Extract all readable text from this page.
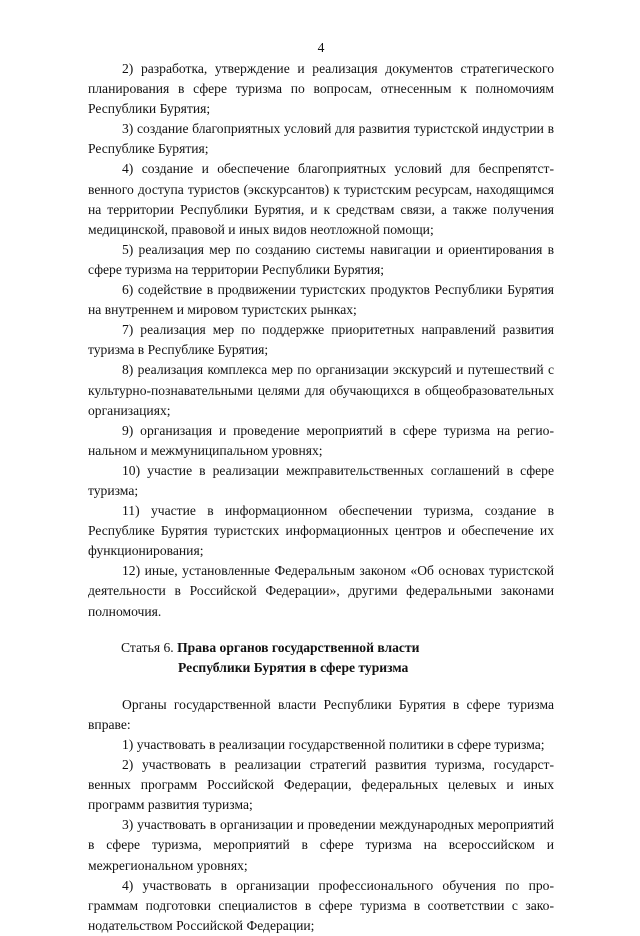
4

2) разработка, утверждение и реализация документов стратегического планирования в сфере туризма по вопросам, отнесенным к полномочиям Республики Бурятия;

3) создание благоприятных условий для развития туристской индустрии в Республике Бурятия;

4) создание и обеспечение благоприятных условий для беспрепятственного доступа туристов (экскурсантов) к туристским ресурсам, находящимся на территории Республики Бурятия, и к средствам связи, а также получения медицинской, правовой и иных видов неотложной помощи;

5) реализация мер по созданию системы навигации и ориентирования в сфере туризма на территории Республики Бурятия;

6) содействие в продвижении туристских продуктов Республики Бурятия на внутреннем и мировом туристских рынках;

7) реализация мер по поддержке приоритетных направлений развития туризма в Республике Бурятия;

8) реализация комплекса мер по организации экскурсий и путешествий с культурно-познавательными целями для обучающихся в общеобразовательных организациях;

9) организация и проведение мероприятий в сфере туризма на региональном и межмуниципальном уровнях;

10) участие в реализации межправительственных соглашений в сфере туризма;

11) участие в информационном обеспечении туризма, создание в Республике Бурятия туристских информационных центров и обеспечение их функционирования;

12) иные, установленные Федеральным законом «Об основах туристской деятельности в Российской Федерации», другими федеральными законами полномочия.

Статья 6. Права органов государственной власти

Республики Бурятия в сфере туризма

Органы государственной власти Республики Бурятия в сфере туризма вправе:

1) участвовать в реализации государственной политики в сфере туризма;

2) участвовать в реализации стратегий развития туризма, государственных программ Российской Федерации, федеральных целевых и иных программ развития туризма;

3) участвовать в организации и проведении международных мероприятий в сфере туризма, мероприятий в сфере туризма на всероссийском и межрегиональном уровнях;

4) участвовать в организации профессионального обучения по программам подготовки специалистов в сфере туризма в соответствии с законодательством Российской Федерации;
